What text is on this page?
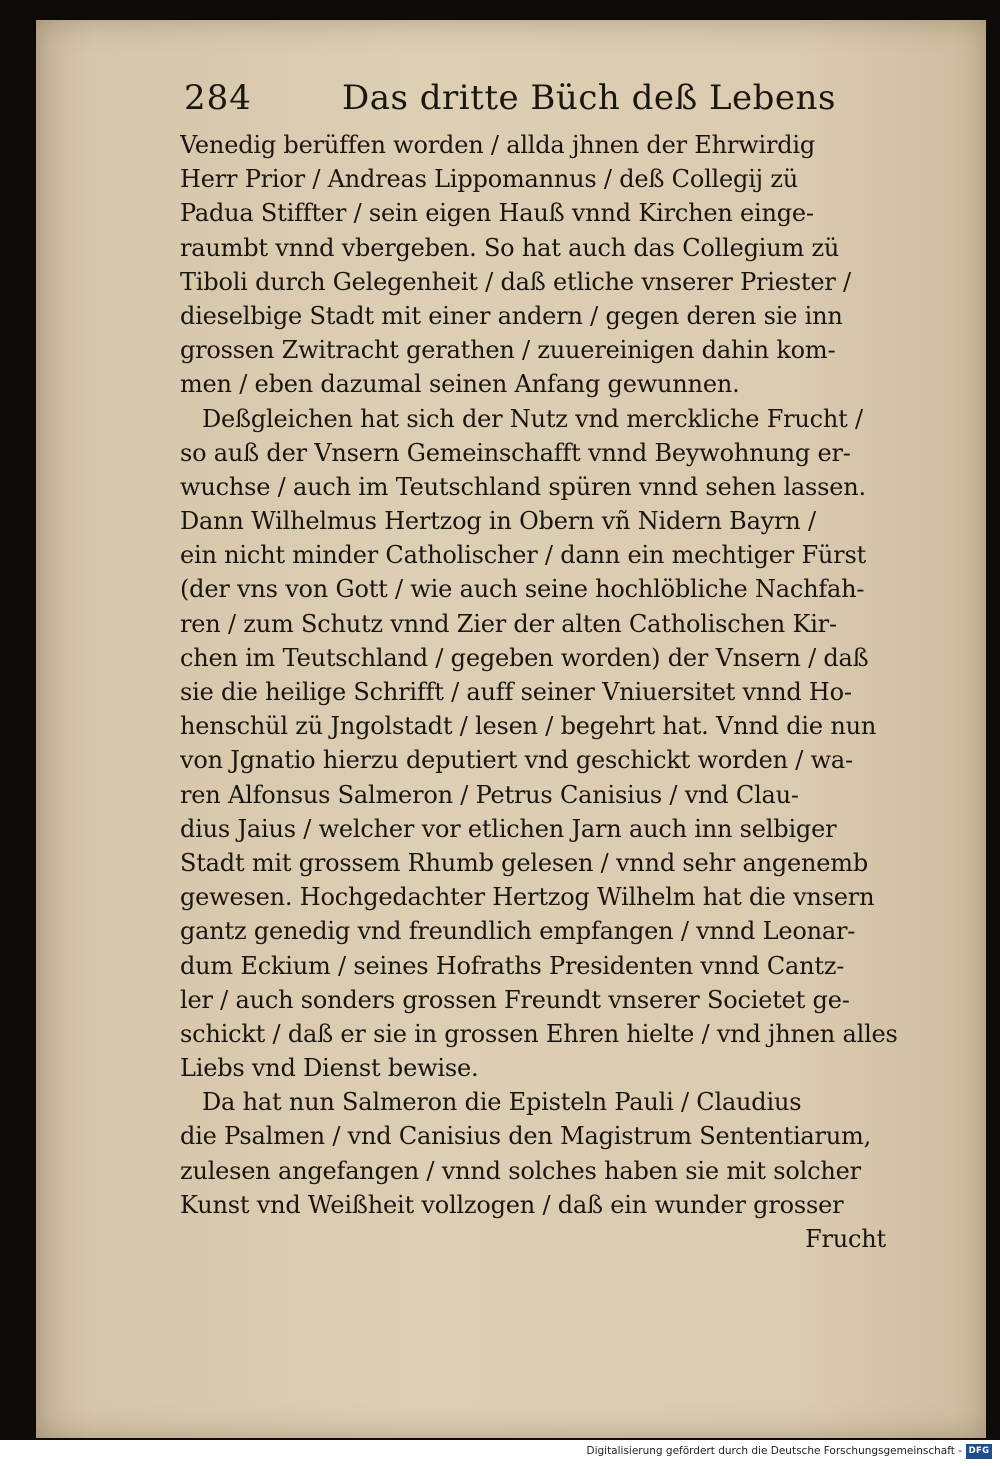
284	Das dritte Büch deß Lebens
Venedig berüffen worden / allda jhnen der Ehrwirdig
Herr Prior / Andreas Lippomannus / deß Collegij zü
Padua Stiffter / sein eigen Hauß vnnd Kirchen einge-
raumbt vnnd vbergeben. So hat auch das Collegium zü
Tiboli durch Gelegenheit / daß etliche vnserer Priester /
dieselbige Stadt mit einer andern / gegen deren sie inn
grossen Zwitracht gerathen / zuuereinigen dahin kom-
men / eben dazumal seinen Anfang gewunnen.
Deßgleichen hat sich der Nutz vnd merckliche Frucht /
so auß der Vnsern Gemeinschafft vnnd Beywohnung er-
wuchse / auch im Teutschland spüren vnnd sehen lassen.
Dann Wilhelmus Hertzog in Obern vñ Nidern Bayrn /
ein nicht minder Catholischer / dann ein mechtiger Fürst
(der vns von Gott / wie auch seine hochlöbliche Nachfah-
ren / zum Schutz vnnd Zier der alten Catholischen Kir-
chen im Teutschland / gegeben worden) der Vnsern / daß
sie die heilige Schrifft / auff seiner Vniuersitet vnnd Ho-
henschül zü Jngolstadt / lesen / begehrt hat. Vnnd die nun
von Jgnatio hierzu deputiert vnd geschickt worden / wa-
ren Alfonsus Salmeron / Petrus Canisius / vnd Clau-
dius Jaius / welcher vor etlichen Jarn auch inn selbiger
Stadt mit grossem Rhumb gelesen / vnnd sehr angenemb
gewesen. Hochgedachter Hertzog Wilhelm hat die vnsern
gantz genedig vnd freundlich empfangen / vnnd Leonar-
dum Eckium / seines Hofraths Presidenten vnnd Cantz-
ler / auch sonders grossen Freundt vnserer Societet ge-
schickt / daß er sie in grossen Ehren hielte / vnd jhnen alles
Liebs vnd Dienst bewise.
Da hat nun Salmeron die Episteln Pauli / Claudius
die Psalmen / vnd Canisius den Magistrum Sententiarum,
zulesen angefangen / vnnd solches haben sie mit solcher
Kunst vnd Weißheit vollzogen / daß ein wunder grosser
Frucht
Digitalisierung gefördert durch die Deutsche Forschungsgemeinschaft - DFG
